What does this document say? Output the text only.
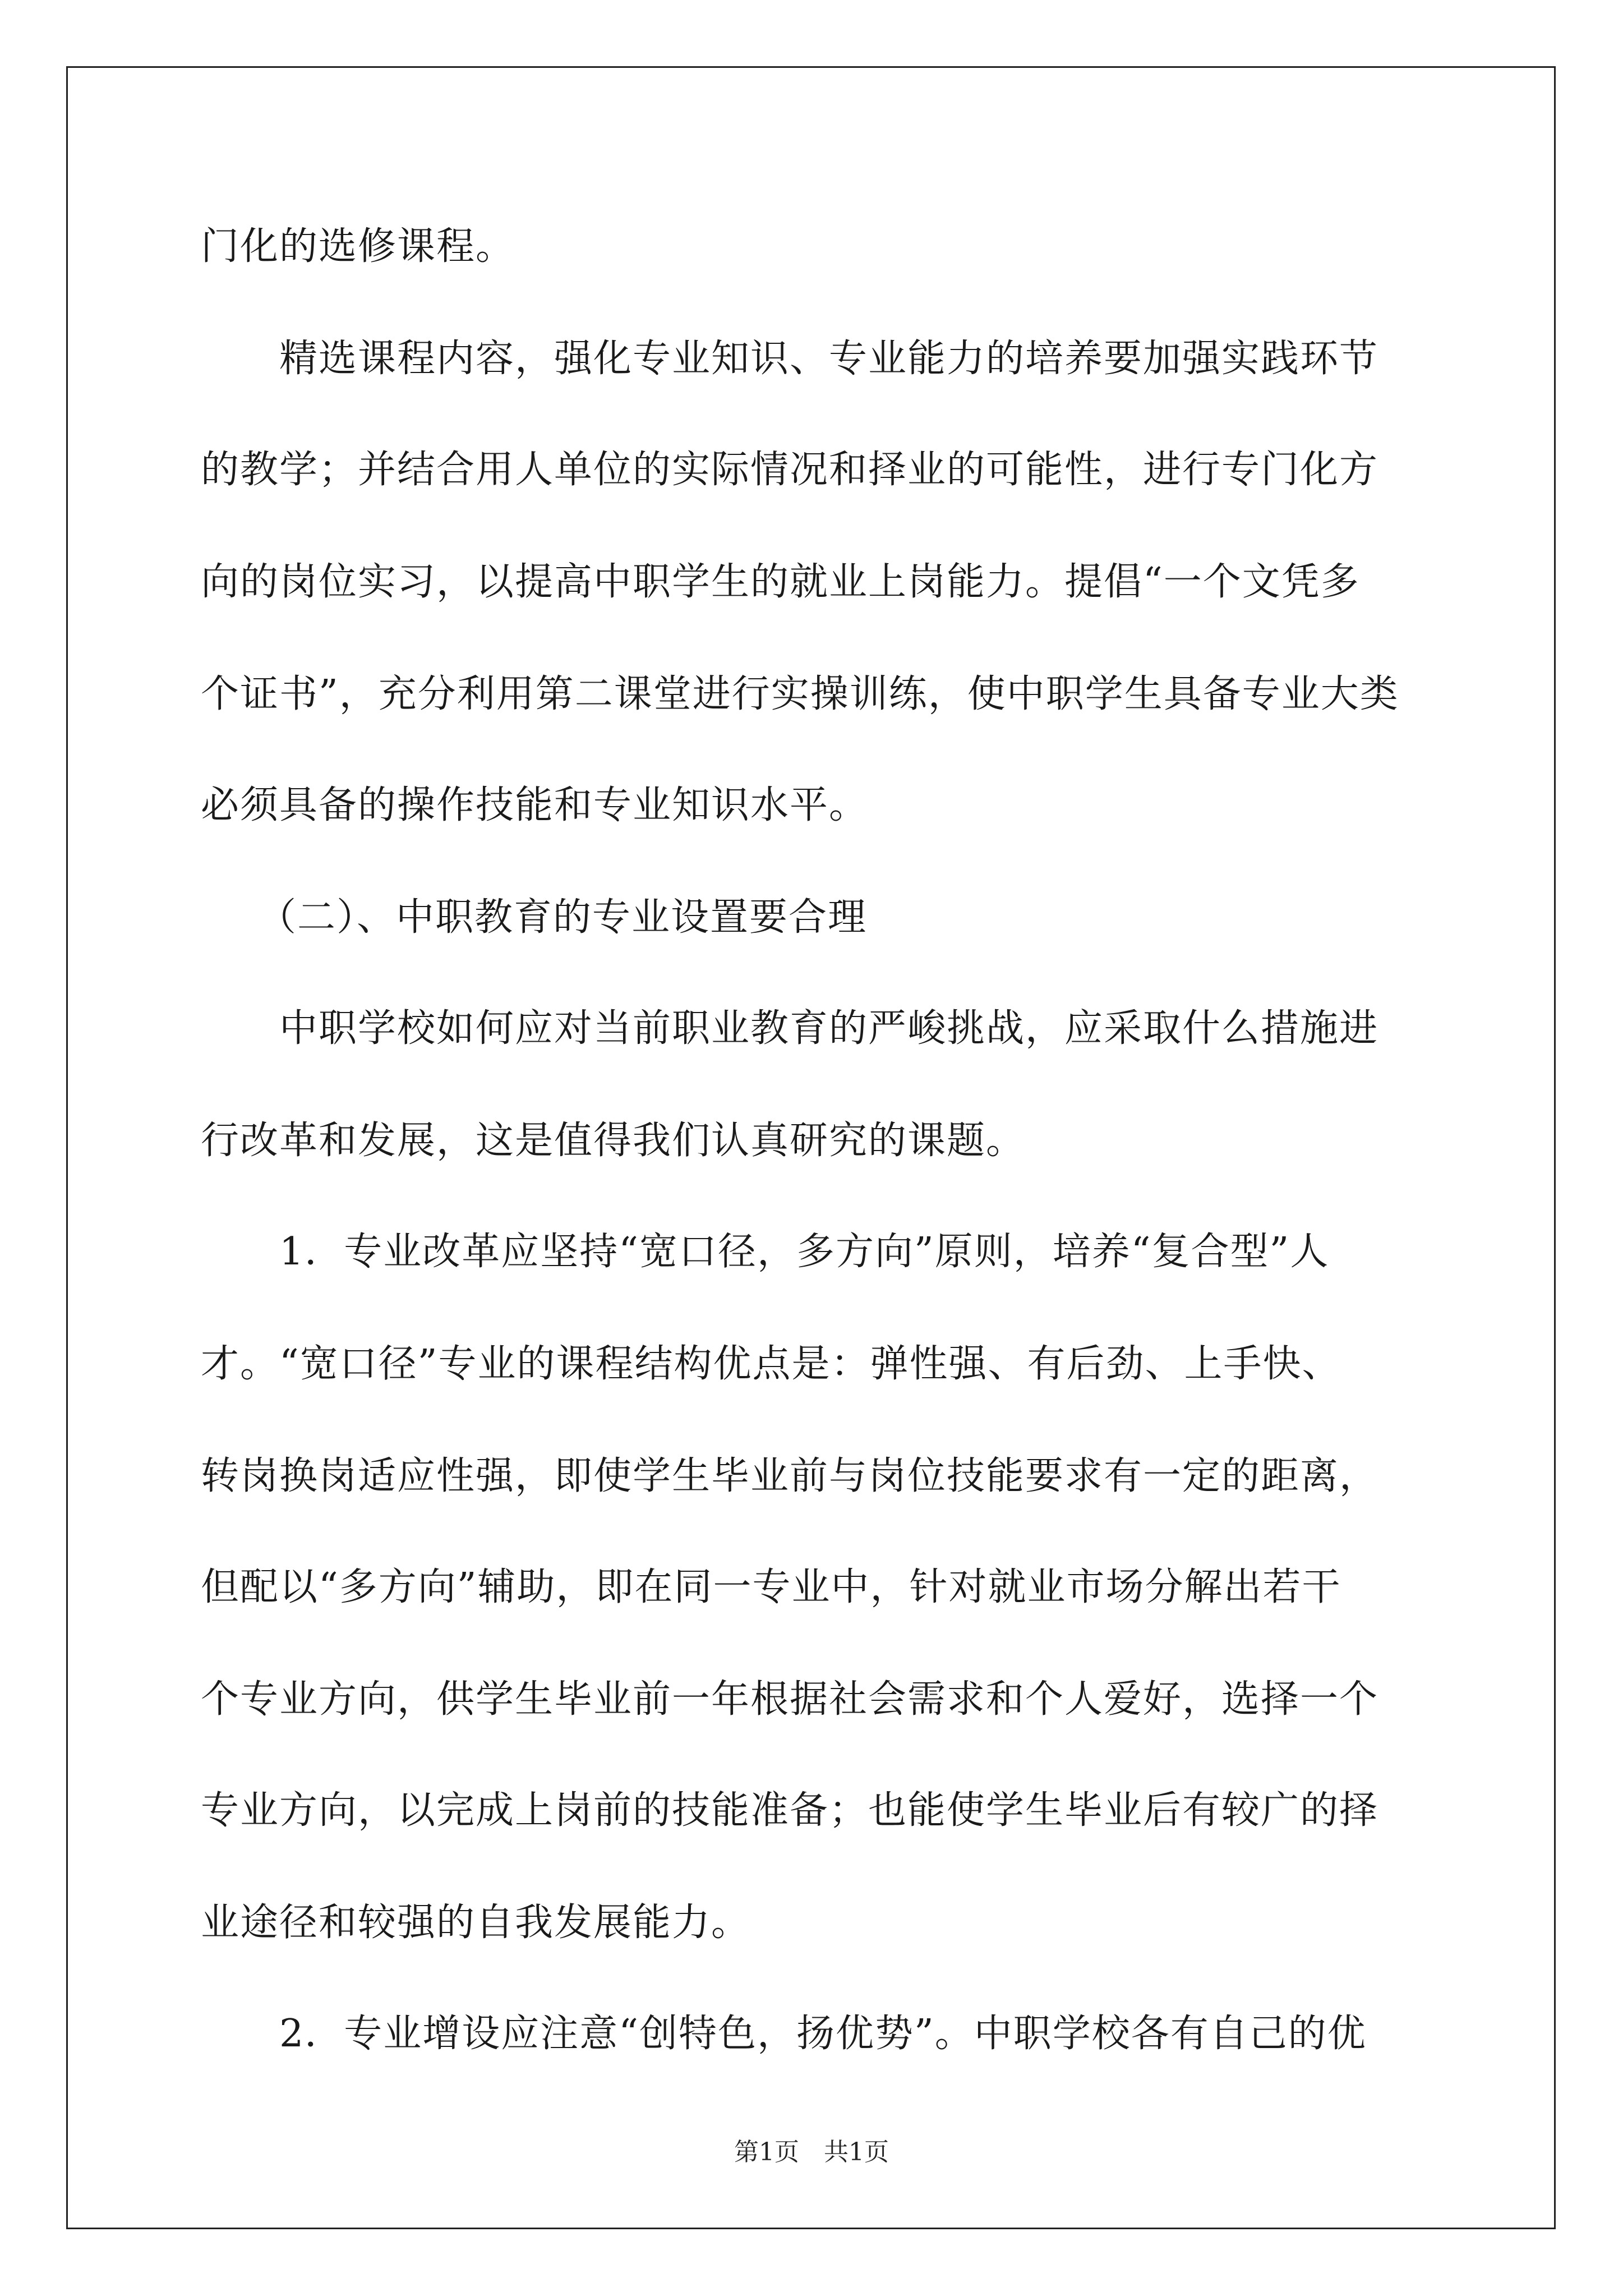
门化的选修课程。
精选课程内容，强化专业知识、专业能力的培养要加强实践环节
的教学；并结合用人单位的实际情况和择业的可能性，进行专门化方
向的岗位实习，以提高中职学生的就业上岗能力。提倡“一个文凭多
个证书”，充分利用第二课堂进行实操训练，使中职学生具备专业大类
必须具备的操作技能和专业知识水平。
（二）、中职教育的专业设置要合理
中职学校如何应对当前职业教育的严峻挑战，应采取什么措施进
行改革和发展，这是值得我们认真研究的课题。
1．专业改革应坚持“宽口径，多方向”原则，培养“复合型”人
才。“宽口径”专业的课程结构优点是：弹性强、有后劲、上手快、
转岗换岗适应性强，即使学生毕业前与岗位技能要求有一定的距离，
但配以“多方向”辅助，即在同一专业中，针对就业市场分解出若干
个专业方向，供学生毕业前一年根据社会需求和个人爱好，选择一个
专业方向，以完成上岗前的技能准备；也能使学生毕业后有较广的择
业途径和较强的自我发展能力。
2．专业增设应注意“创特色，扬优势”。中职学校各有自己的优
第1页 共1页
